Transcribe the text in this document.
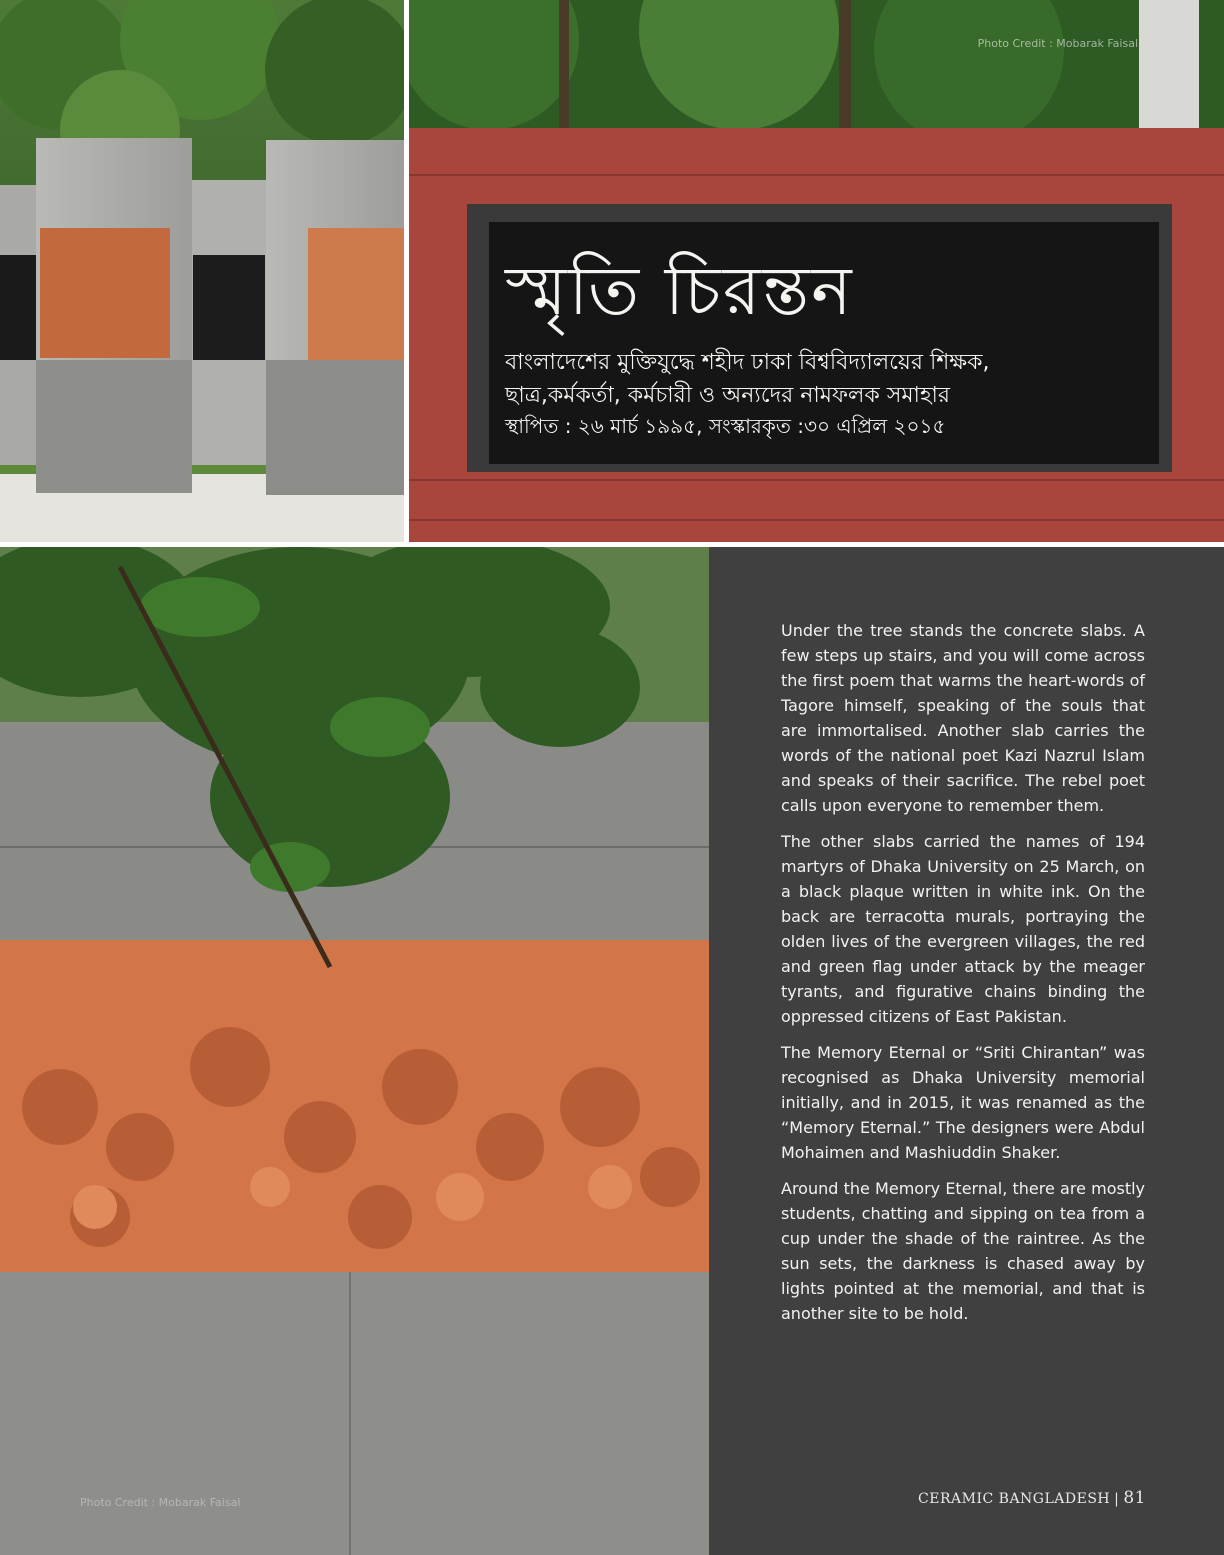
Photo Credit : Mobarak Faisal
স্মৃতি চিরন্তন
বাংলাদেশের মুক্তিযুদ্ধে শহীদ ঢাকা বিশ্ববিদ্যালয়ের শিক্ষক,
ছাত্র,কর্মকর্তা, কর্মচারী ও অন্যদের নামফলক সমাহার
স্থাপিত : ২৬ মার্চ ১৯৯৫, সংস্কারকৃত :৩০ এপ্রিল ২০১৫
Photo Credit : Mobarak Faisal

Under the tree stands the concrete slabs. A few steps up stairs, and you will come across the first poem that warms the heart-words of Tagore himself, speaking of the souls that are immortalised. Another slab carries the words of the national poet Kazi Nazrul Islam and speaks of their sacrifice. The rebel poet calls upon everyone to remember them.

The other slabs carried the names of 194 martyrs of Dhaka University on 25 March, on a black plaque written in white ink. On the back are terracotta murals, portraying the olden lives of the evergreen villages, the red and green flag under attack by the meager tyrants, and figurative chains binding the oppressed citizens of East Pakistan.

The Memory Eternal or “Sriti Chirantan” was recognised as Dhaka University memorial initially, and in 2015, it was renamed as the “Memory Eternal.” The designers were Abdul Mohaimen and Mashiuddin Shaker.

Around the Memory Eternal, there are mostly students, chatting and sipping on tea from a cup under the shade of the raintree. As the sun sets, the darkness is chased away by lights pointed at the memorial, and that is another site to be hold.

CERAMIC BANGLADESH | 81
